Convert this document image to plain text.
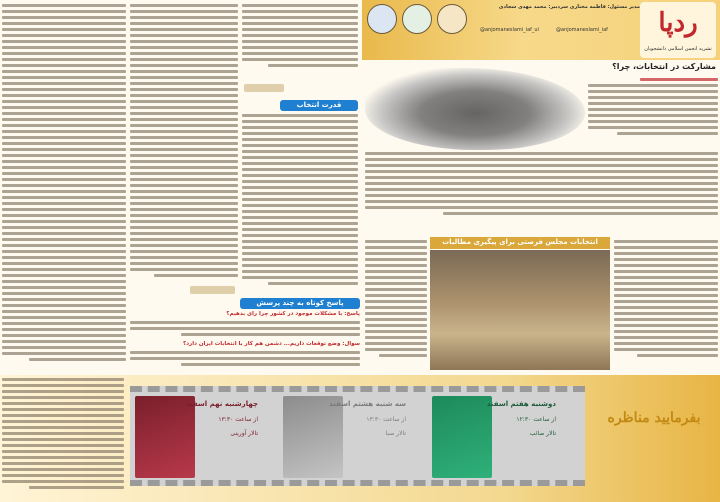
ردپا
نشریه انجمن اسلامی دانشجویان
@anjomaneslami_iaf
@anjomaneslami_iaf_ui
مدیر مسئول: فاطمه مختاری
سردبیر: محمد مهدی سجادی
مشارکت در انتخابات، چرا؟
انتخابات مجلس فرصتی برای پیگیری مطالبات
قدرت انتخاب
پاسخ کوتاه به چند پرسش
پاسخ: با مشکلات موجود در کشور چرا رای بدهیم؟
سوال: وضع توقعات داریم... دشمن هم کار با انتخابات ایران دارد؟
چهارشنبه نهم اسفند
از ساعت ۱۳:۳۰
تالار آورینی
سه شنبه هشتم اسفند
از ساعت ۱۳:۳۰
تالار صبا
دوشنبه هفتم اسفند
از ساعت ۱۲:۳۰
تالار صائب
بفرمایید مناظره
